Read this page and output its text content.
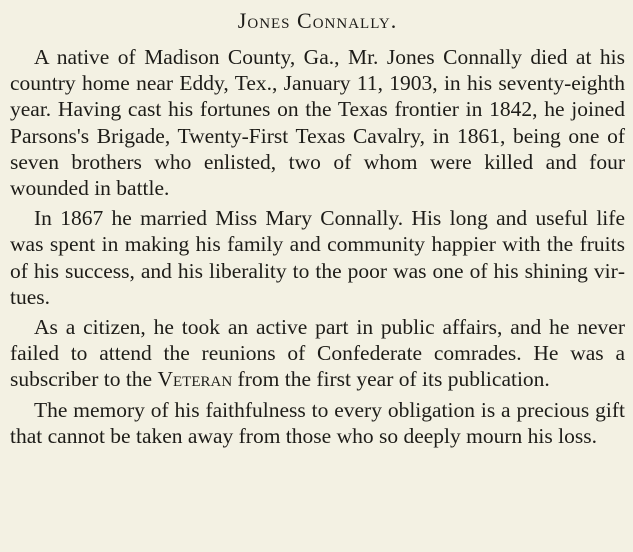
Jones Connally.

A native of Madison County, Ga., Mr. Jones Connally died at his country home near Eddy, Tex., January 11, 1903, in his seventy-eighth year. Having cast his fortunes on the Texas frontier in 1842, he joined Parsons's Brigade, Twenty-First Texas Cavalry, in 1861, being one of seven brothers who enlisted, two of whom were killed and four wounded in battle.

In 1867 he married Miss Mary Connally. His long and useful life was spent in making his family and community happier with the fruits of his success, and his liberality to the poor was one of his shining virtues.

As a citizen, he took an active part in public affairs, and he never failed to attend the reunions of Confederate comrades. He was a subscriber to the Veteran from the first year of its publication.

The memory of his faithfulness to every obligation is a precious gift that cannot be taken away from those who so deeply mourn his loss.
